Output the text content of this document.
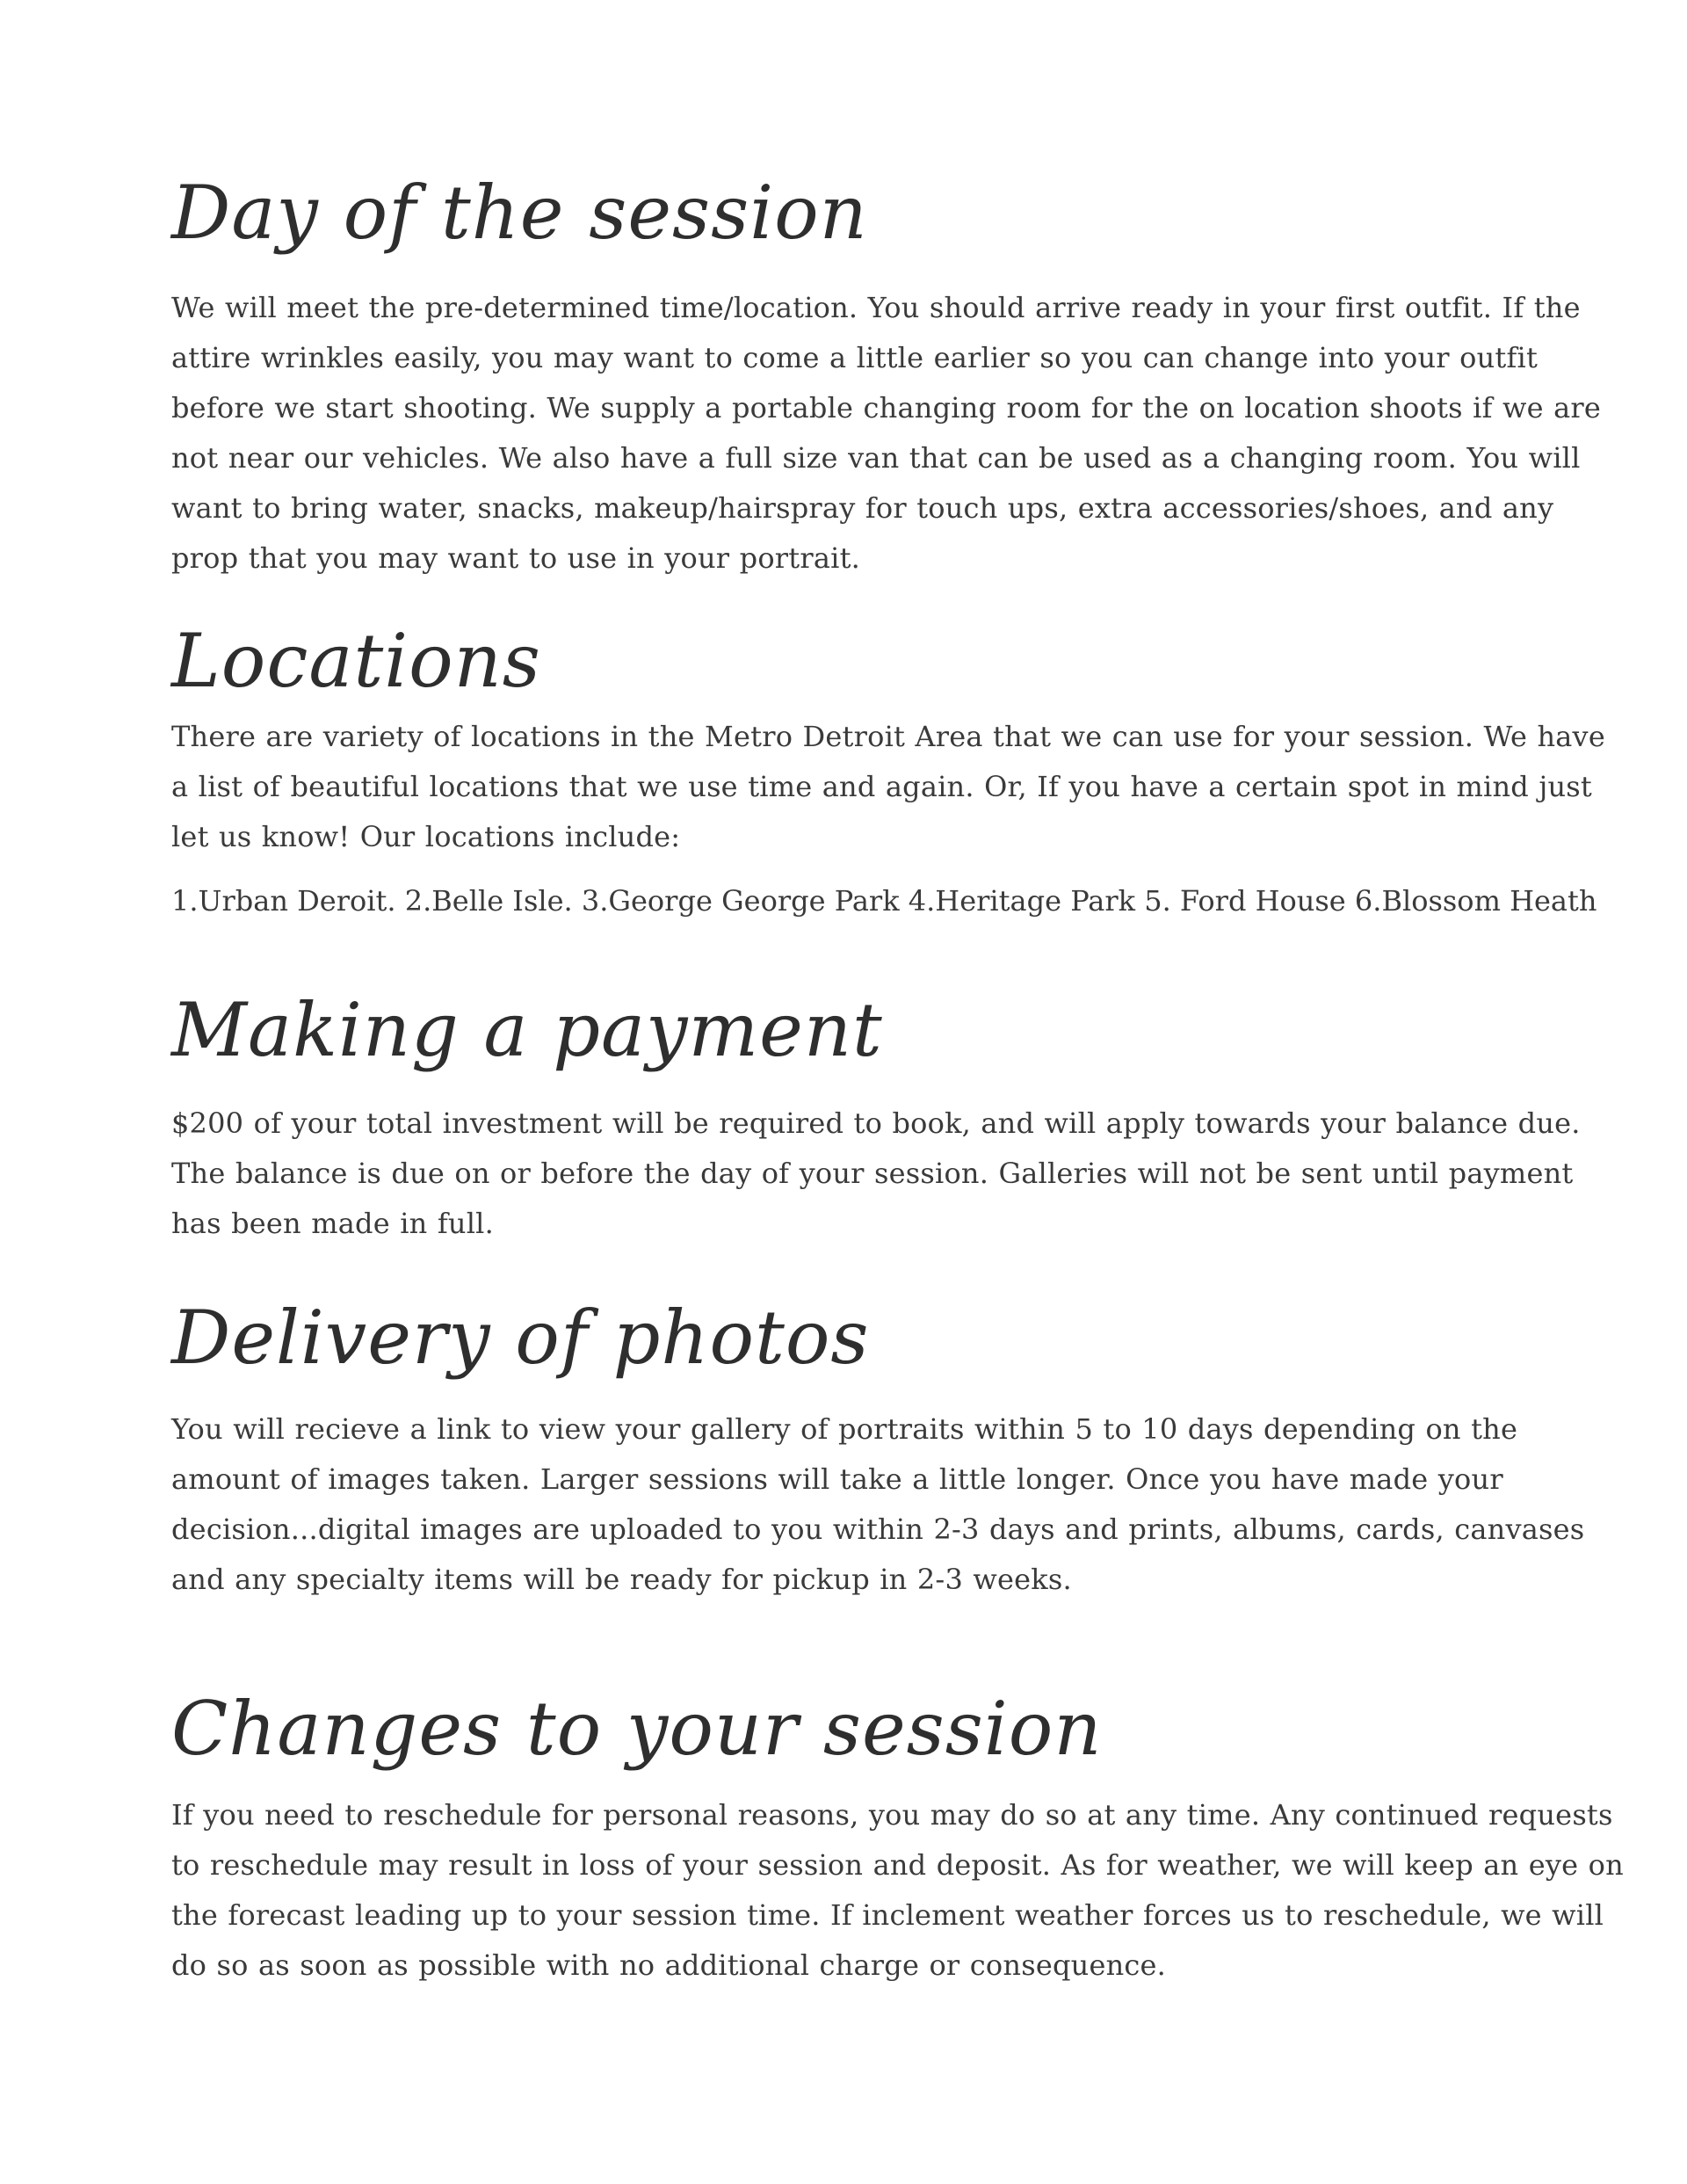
Day of the session

We will meet the pre-determined time/location. You should arrive ready in your first outfit. If the
attire wrinkles easily, you may want to come a little earlier so you can change into your outfit
before we start shooting. We supply a portable changing room for the on location shoots if we are
not near our vehicles. We also have a full size van that can be used as a changing room. You will
want to bring water, snacks, makeup/hairspray for touch ups, extra accessories/shoes, and any
prop that you may want to use in your portrait.

Locations

There are variety of locations in the Metro Detroit Area that we can use for your session. We have
a list of beautiful locations that we use time and again. Or, If you have a certain spot in mind just
let us know! Our locations include:

1.Urban Deroit. 2.Belle Isle. 3.George George Park 4.Heritage Park 5. Ford House 6.Blossom Heath

Making a payment

$200 of your total investment will be required to book, and will apply towards your balance due.
The balance is due on or before the day of your session. Galleries will not be sent until payment
has been made in full.

Delivery of photos

You will recieve a link to view your gallery of portraits within 5 to 10 days depending on the
amount of images taken. Larger sessions will take a little longer. Once you have made your
decision...digital images are uploaded to you within 2-3 days and prints, albums, cards, canvases
and any specialty items will be ready for pickup in 2-3 weeks.

Changes to your session

If you need to reschedule for personal reasons, you may do so at any time. Any continued requests
to reschedule may result in loss of your session and deposit. As for weather, we will keep an eye on
the forecast leading up to your session time. If inclement weather forces us to reschedule, we will
do so as soon as possible with no additional charge or consequence.
